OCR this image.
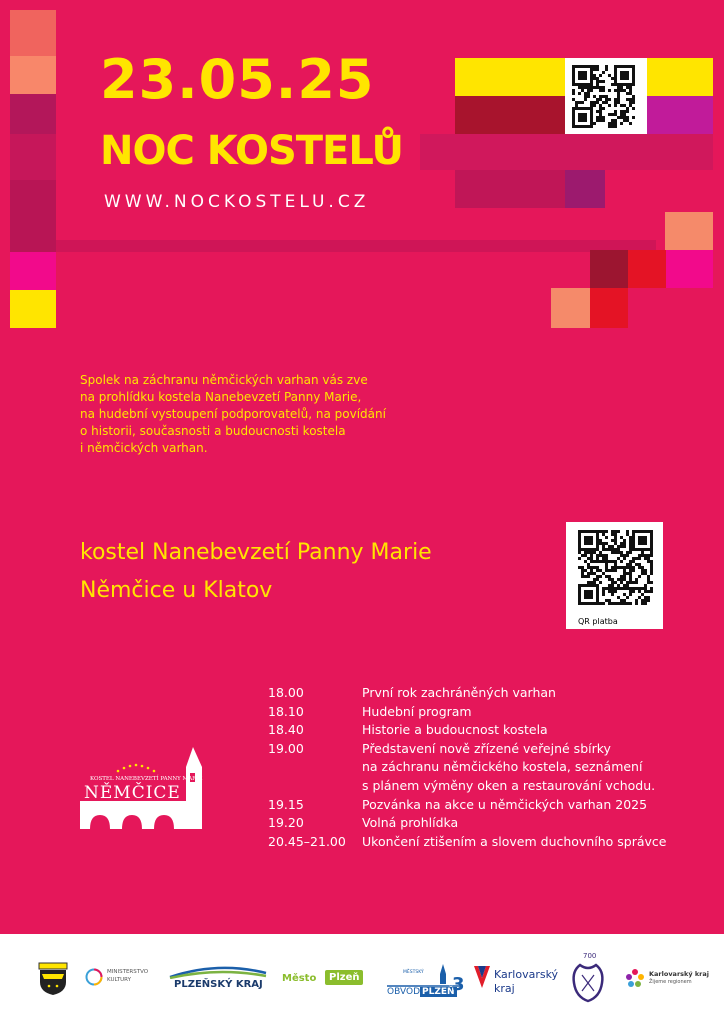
23.05.25
NOC KOSTELŮ
WWW.NOCKOSTELU.CZ

Spolek na záchranu němčických varhan vás zve

na prohlídku kostela Nanebevzetí Panny Marie,

na hudební vystoupení podporovatelů, na povídání

o historii, současnosti a budoucnosti kostela

i němčických varhan.

kostel Nanebevzetí Panny Marie
Němčice u Klatov
QR platba
KOSTEL NANEBEVZETÍ PANNY MARIE
NĚMČICE
18.00	První rok zachráněných varhan
18.10	Hudební program
18.40	Historie a budoucnost kostela
19.00	Představení nově zřízené veřejné sbírky
na záchranu němčického kostela, seznámení
s plánem výměny oken a restaurování vchodu.
19.15	Pozvánka na akce u němčických varhan 2025
19.20	Volná prohlídka
20.45–21.00 Ukončení ztišením a slovem duchovního správce
MINISTERSTVO
KULTURY	PLZEŇSKÝ KRAJ
Město	Plzeň	MĚSTSKÝ
OBVOD PLZEŇ
3	Karlovarský
kraj
700
Karlovarský kraj
Žijeme regionem
